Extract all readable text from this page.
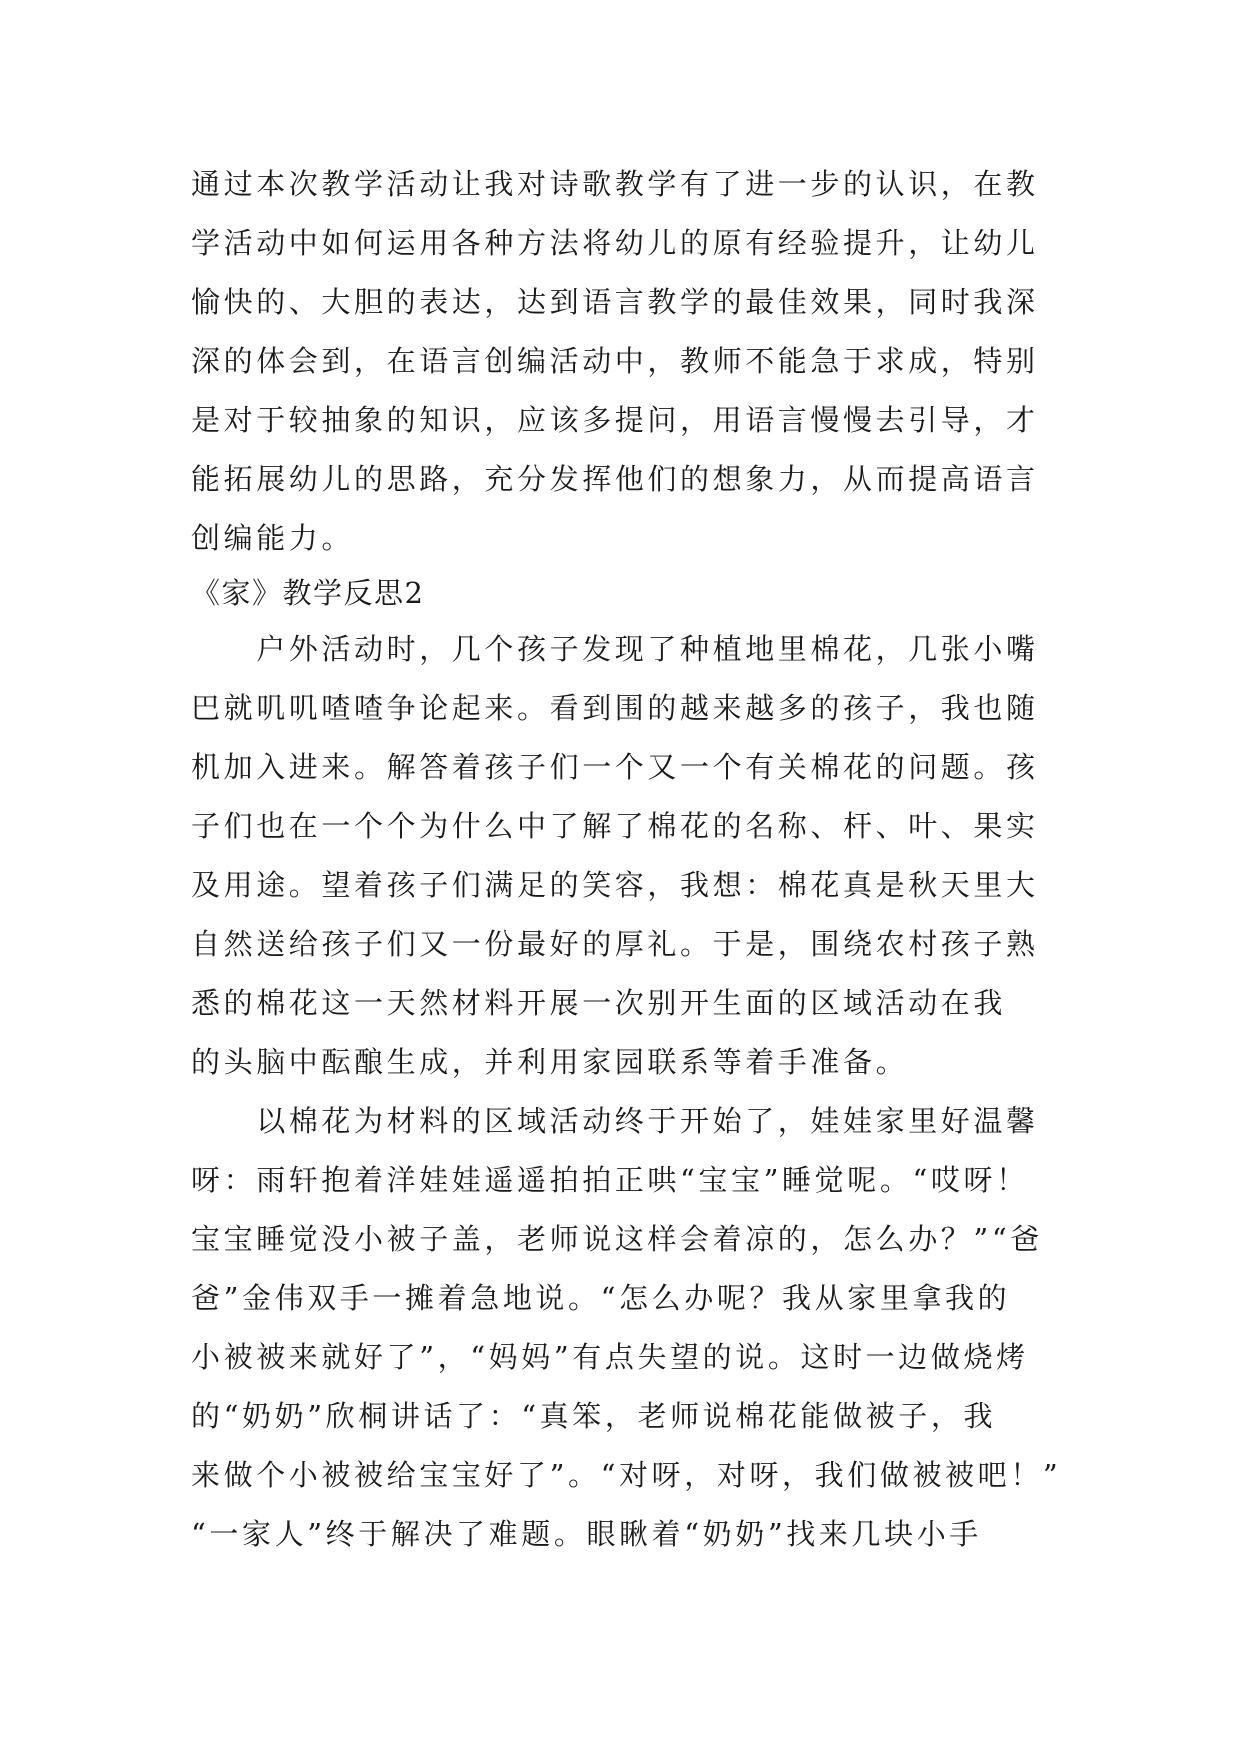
通过本次教学活动让我对诗歌教学有了进一步的认识，在教

学活动中如何运用各种方法将幼儿的原有经验提升，让幼儿

愉快的、大胆的表达，达到语言教学的最佳效果，同时我深

深的体会到，在语言创编活动中，教师不能急于求成，特别

是对于较抽象的知识，应该多提问，用语言慢慢去引导，才

能拓展幼儿的思路，充分发挥他们的想象力，从而提高语言

创编能力。

《家》教学反思2

　　户外活动时，几个孩子发现了种植地里棉花，几张小嘴

巴就叽叽喳喳争论起来。看到围的越来越多的孩子，我也随

机加入进来。解答着孩子们一个又一个有关棉花的问题。孩

子们也在一个个为什么中了解了棉花的名称、杆、叶、果实

及用途。望着孩子们满足的笑容，我想：棉花真是秋天里大

自然送给孩子们又一份最好的厚礼。于是，围绕农村孩子熟

悉的棉花这一天然材料开展一次别开生面的区域活动在我

的头脑中酝酿生成，并利用家园联系等着手准备。

　　以棉花为材料的区域活动终于开始了，娃娃家里好温馨

呀：雨轩抱着洋娃娃遥遥拍拍正哄“宝宝”睡觉呢。“哎呀！

宝宝睡觉没小被子盖，老师说这样会着凉的，怎么办？”“爸

爸”金伟双手一摊着急地说。“怎么办呢？我从家里拿我的

小被被来就好了”，“妈妈”有点失望的说。这时一边做烧烤

的“奶奶”欣桐讲话了：“真笨，老师说棉花能做被子，我

来做个小被被给宝宝好了”。“对呀，对呀，我们做被被吧！”

“一家人”终于解决了难题。眼瞅着“奶奶”找来几块小手
